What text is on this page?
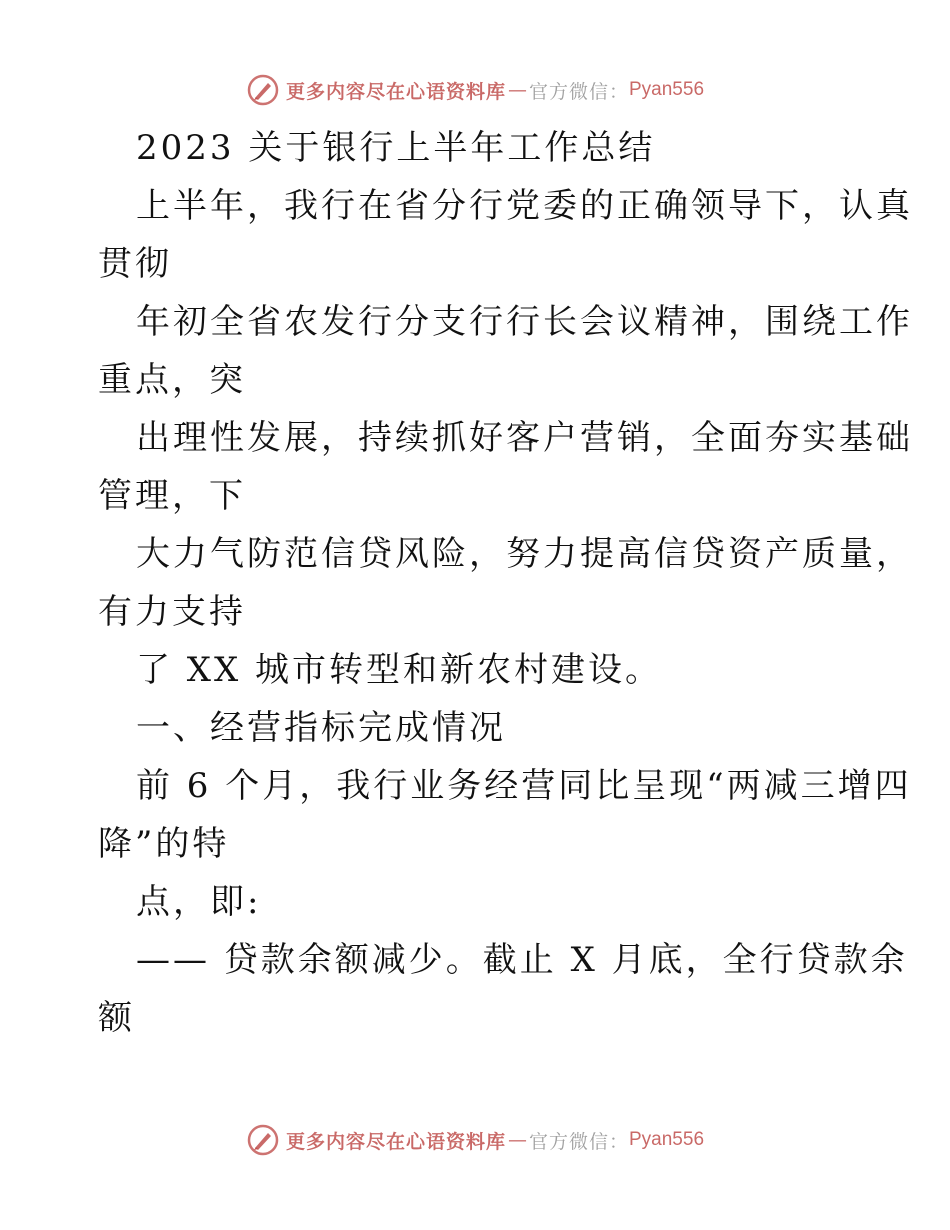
更多内容尽在心语资料库 — 官方微信： Pyan556
2023 关于银行上半年工作总结
上半年，我行在省分行党委的正确领导下，认真
贯彻
年初全省农发行分支行行长会议精神，围绕工作
重点，突
出理性发展，持续抓好客户营销，全面夯实基础
管理，下
大力气防范信贷风险，努力提高信贷资产质量，
有力支持
了 XX 城市转型和新农村建设。
一、经营指标完成情况
前 6 个月，我行业务经营同比呈现“两减三增四
降”的特
点，即:
—— 贷款余额减少。截止 X 月底，全行贷款余
额
更多内容尽在心语资料库 — 官方微信： Pyan556
